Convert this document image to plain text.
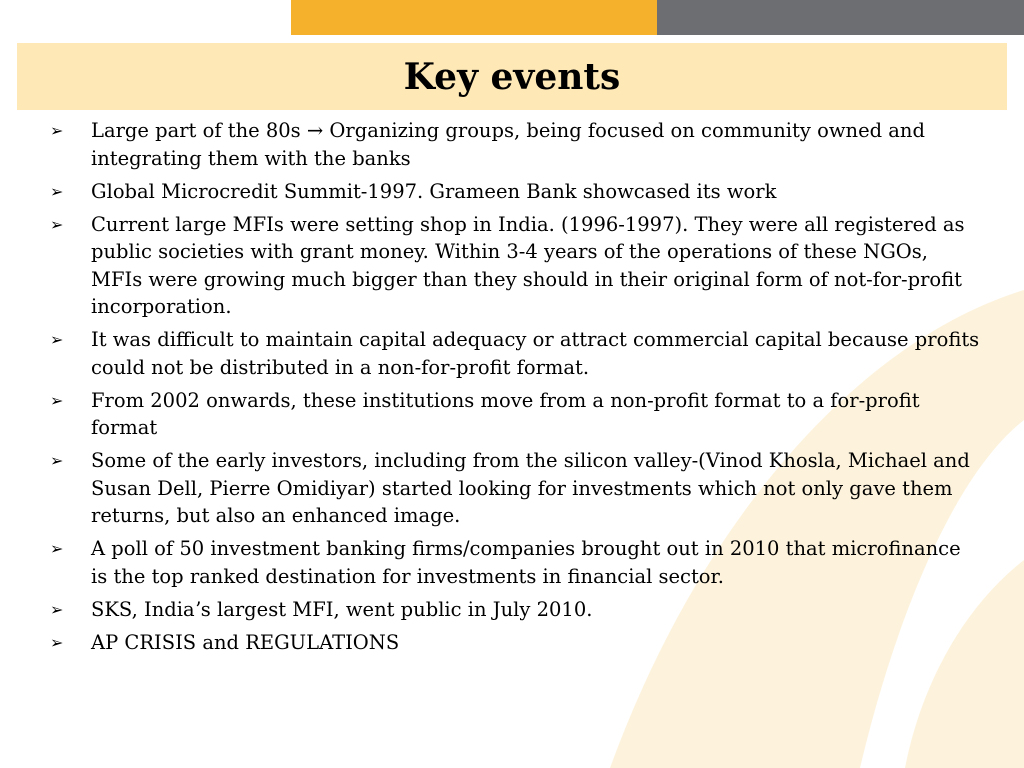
Key events
➢	Large part of the 80s → Organizing groups, being focused on community owned and integrating them with the banks
➢	Global Microcredit Summit-1997. Grameen Bank showcased its work
➢	Current large MFIs were setting shop in India. (1996-1997). They were all registered as public societies with grant money. Within 3-4 years of the operations of these NGOs, MFIs were growing much bigger than they should in their original form of not-for-profit incorporation.
➢	It was difficult to maintain capital adequacy or attract commercial capital because profits could not be distributed in a non-for-profit format.
➢	From 2002 onwards, these institutions move from a non-profit format to a for-profit format
➢	Some of the early investors, including from the silicon valley-(Vinod Khosla, Michael and Susan Dell, Pierre Omidiyar) started looking for investments which not only gave them returns, but also an enhanced image.
➢	A poll of 50 investment banking firms/companies brought out in 2010 that microfinance is the top ranked destination for investments in financial sector.
➢	SKS, Indiaʼs largest MFI, went public in July 2010.
➢	AP CRISIS and REGULATIONS
